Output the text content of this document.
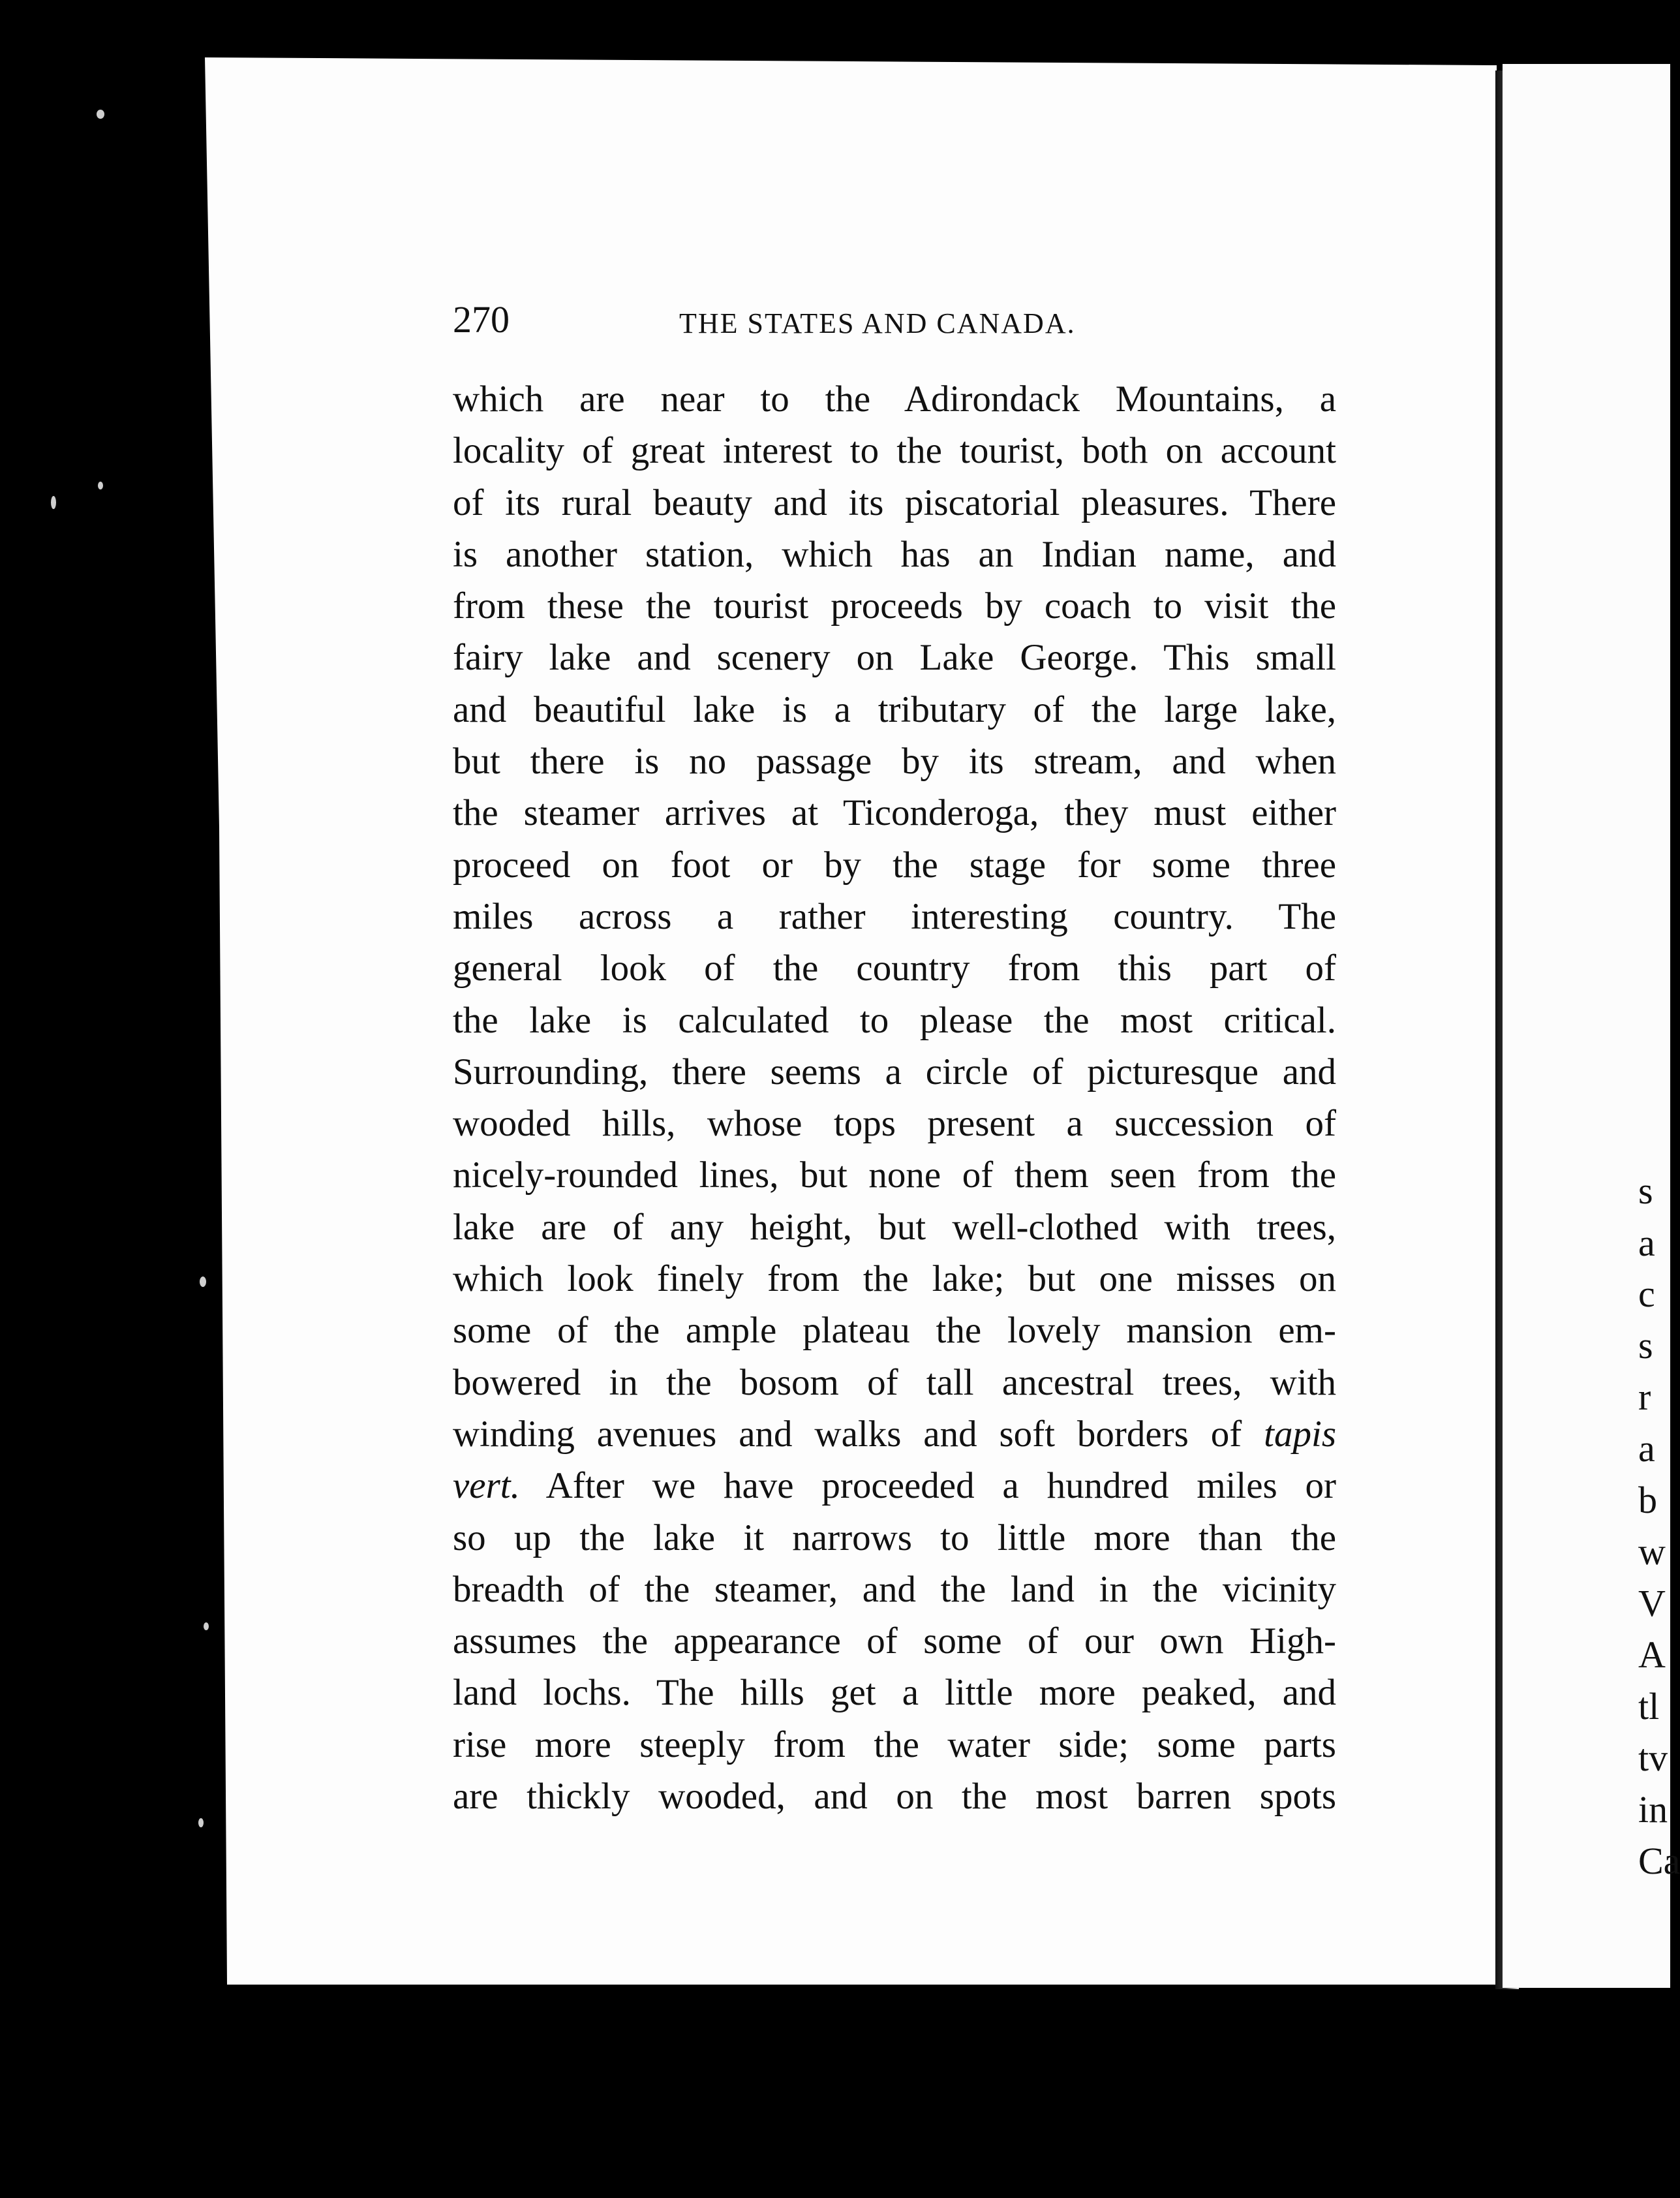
270	THE STATES AND CANADA.
which are near to the Adirondack Mountains, a
locality of great interest to the tourist, both on account
of its rural beauty and its piscatorial pleasures. There
is another station, which has an Indian name, and
from these the tourist proceeds by coach to visit the
fairy lake and scenery on Lake George. This small
and beautiful lake is a tributary of the large lake,
but there is no passage by its stream, and when
the steamer arrives at Ticonderoga, they must either
proceed on foot or by the stage for some three
miles across a rather interesting country. The
general look of the country from this part of
the lake is calculated to please the most critical.
Surrounding, there seems a circle of picturesque and
wooded hills, whose tops present a succession of
nicely-rounded lines, but none of them seen from the
lake are of any height, but well-clothed with trees,
which look finely from the lake; but one misses on
some of the ample plateau the lovely mansion em-
bowered in the bosom of tall ancestral trees, with
winding avenues and walks and soft borders of tapis
vert. After we have proceeded a hundred miles or
so up the lake it narrows to little more than the
breadth of the steamer, and the land in the vicinity
assumes the appearance of some of our own High-
land lochs. The hills get a little more peaked, and
rise more steeply from the water side; some parts
are thickly wooded, and on the most barren spots
s
a
c
s
r
a
b
w
V
A
tl
tv
in
Ca
